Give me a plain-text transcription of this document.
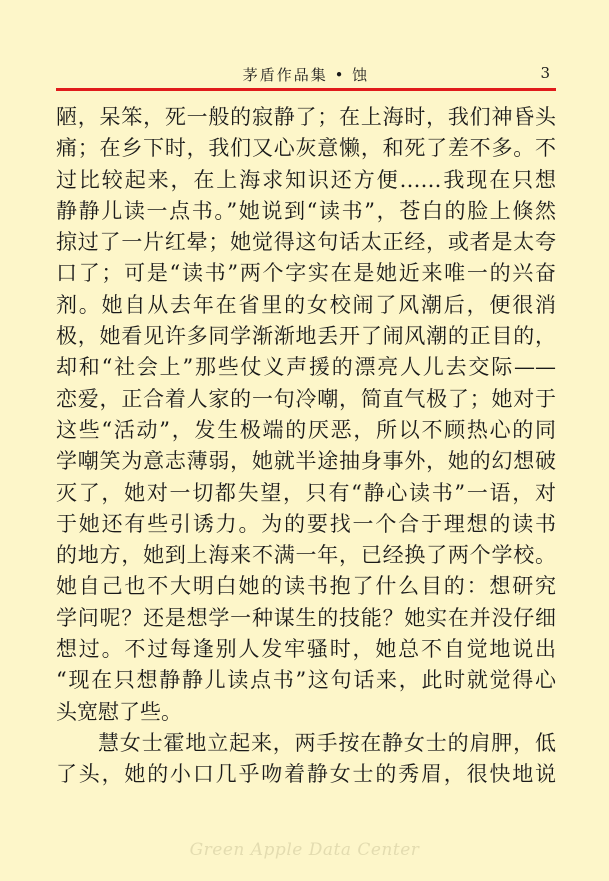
茅盾作品集 • 蚀	3
陋，呆笨，死一般的寂静了；在上海时，我们神昏头
痛；在乡下时，我们又心灰意懒，和死了差不多。不
过比较起来，在上海求知识还方便……我现在只想
静静儿读一点书。”她说到“读书”，苍白的脸上倏然
掠过了一片红晕；她觉得这句话太正经，或者是太夸
口了；可是“读书”两个字实在是她近来唯一的兴奋
剂。她自从去年在省里的女校闹了风潮后，便很消
极，她看见许多同学渐渐地丢开了闹风潮的正目的，
却和“社会上”那些仗义声援的漂亮人儿去交际——
恋爱，正合着人家的一句冷嘲，简直气极了；她对于
这些“活动”，发生极端的厌恶，所以不顾热心的同
学嘲笑为意志薄弱，她就半途抽身事外，她的幻想破
灭了，她对一切都失望，只有“静心读书”一语，对
于她还有些引诱力。为的要找一个合于理想的读书
的地方，她到上海来不满一年，已经换了两个学校。
她自己也不大明白她的读书抱了什么目的：想研究
学问呢？还是想学一种谋生的技能？她实在并没仔细
想过。不过每逢别人发牢骚时，她总不自觉地说出
“现在只想静静儿读点书”这句话来，此时就觉得心
头宽慰了些。
慧女士霍地立起来，两手按在静女士的肩胛，低
了头，她的小口几乎吻着静女士的秀眉，很快地说
Green Apple Data Center
